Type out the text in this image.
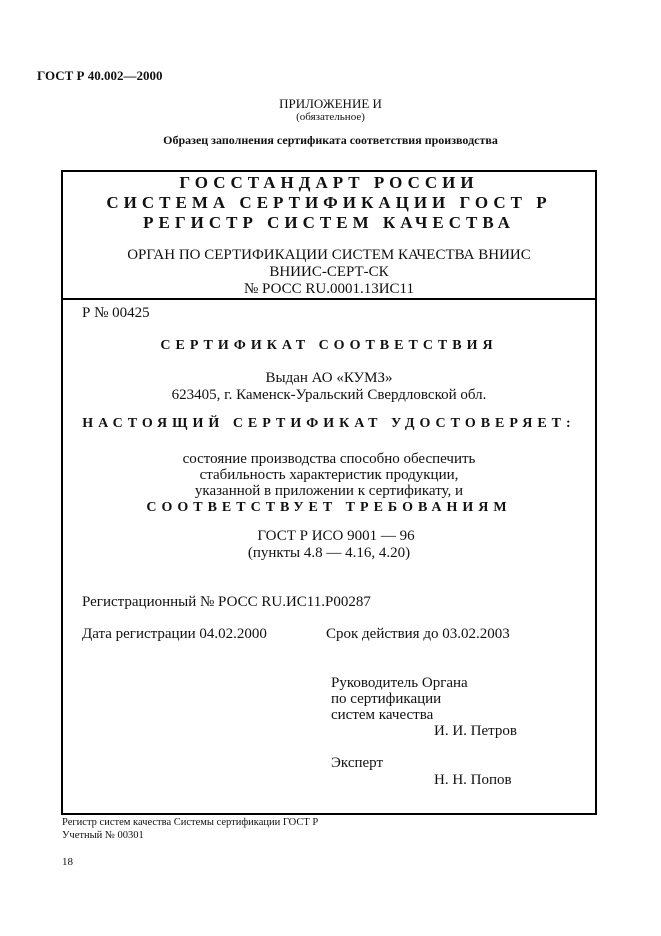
ГОСТ Р 40.002—2000
ПРИЛОЖЕНИЕ И
(обязательное)
Образец заполнения сертификата соответствия производства
ГОССТАНДАРТ РОССИИ
СИСТЕМА СЕРТИФИКАЦИИ ГОСТ Р
РЕГИСТР СИСТЕМ КАЧЕСТВА
ОРГАН ПО СЕРТИФИКАЦИИ СИСТЕМ КАЧЕСТВА ВНИИС
ВНИИС-СЕРТ-СК
№ РОСС RU.0001.13ИС11
Р № 00425
СЕРТИФИКАТ СООТВЕТСТВИЯ
Выдан АО «КУМЗ»
623405, г. Каменск-Уральский Свердловской обл.
НАСТОЯЩИЙ СЕРТИФИКАТ УДОСТОВЕРЯЕТ:
состояние производства способно обеспечить
стабильность характеристик продукции,
указанной в приложении к сертификату, и
СООТВЕТСТВУЕТ ТРЕБОВАНИЯМ
ГОСТ Р ИСО 9001 — 96
(пункты 4.8 — 4.16, 4.20)
Регистрационный № РОСС RU.ИС11.Р00287
Дата регистрации 04.02.2000	Срок действия до 03.02.2003
Руководитель Органа
по сертификации
систем качества
И. И. Петров
Эксперт
Н. Н. Попов
Регистр систем качества Системы сертификации ГОСТ Р
Учетный № 00301
18
